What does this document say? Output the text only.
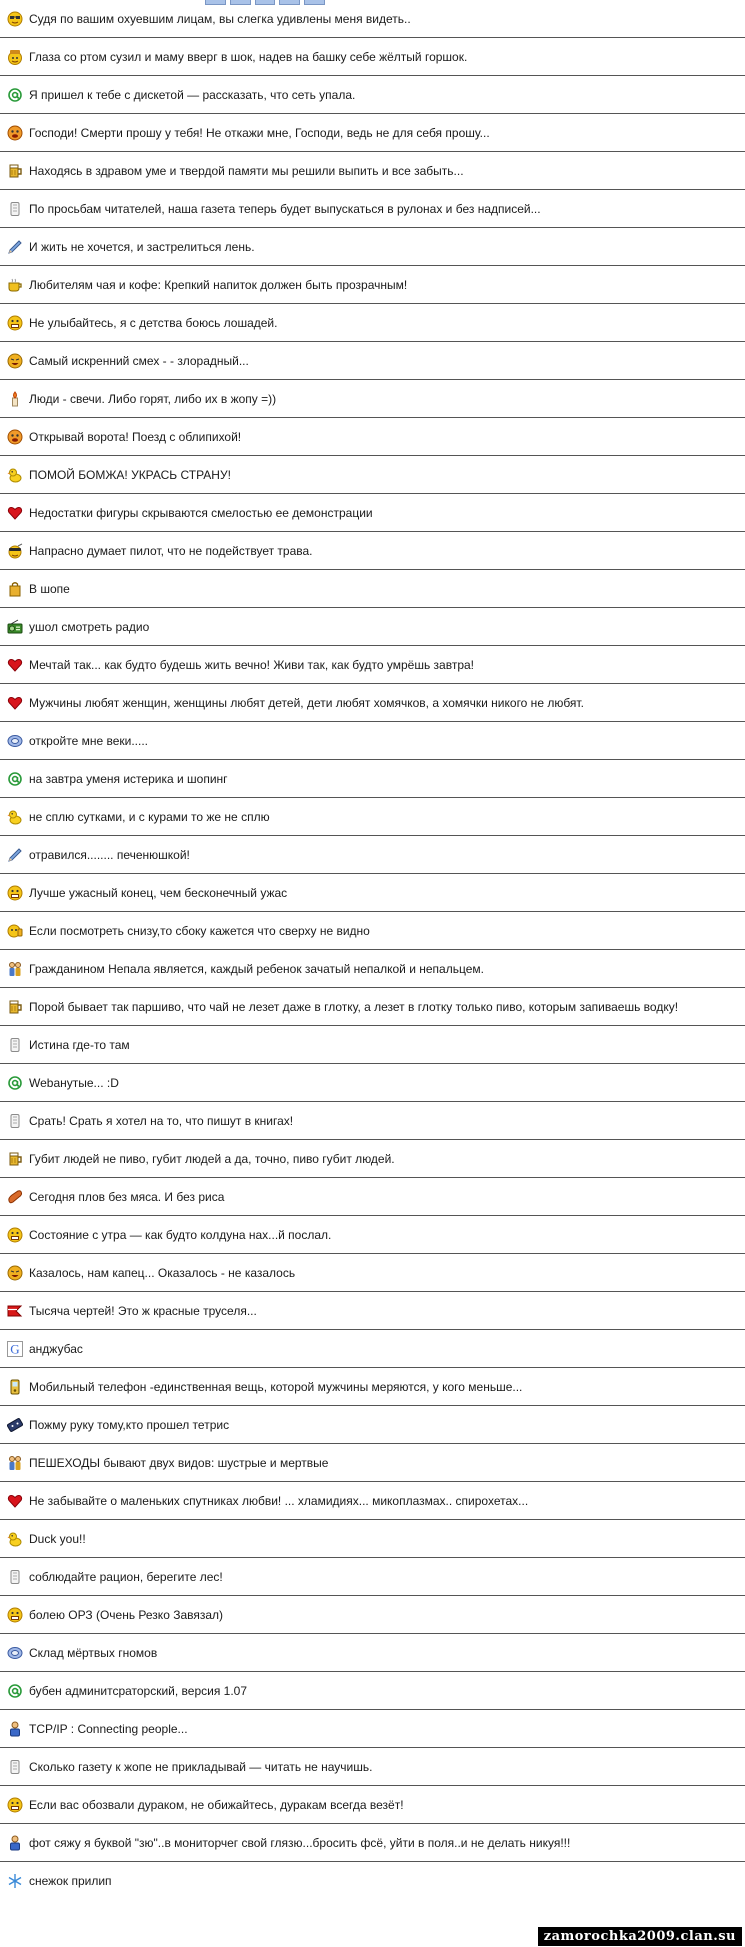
Судя по вашим охуевшим лицам, вы слегка удивлены меня видеть..
Глаза со ртом сузил и маму вверг в шок, надев на башку себе жёлтый горшок.
Я пришел к тебе с дискетой — рассказать, что сеть упала.
Господи! Смерти прошу у тебя! Не откажи мне, Господи, ведь не для себя прошу...
Находясь в здравом уме и твердой памяти мы решили выпить и все забыть...
По просьбам читателей, наша газета теперь будет выпускаться в рулонах и без надписей...
И жить не хочется, и застрелиться лень.
Любителям чая и кофе: Крепкий напиток должен быть прозрачным!
Не улыбайтесь, я с детства боюсь лошадей.
Самый искренний смех - - злорадный...
Люди - свечи. Либо горят, либо их в жопу =))
Открывай ворота! Поезд с облипихой!
ПОМОЙ БОМЖА! УКРАСЬ СТРАНУ!
Недостатки фигуры скрываются смелостью ее демонстрации
Напрасно думает пилот, что не подействует трава.
В шопе
ушол смотреть радио
Мечтай так... как будто будешь жить вечно! Живи так, как будто умрёшь завтра!
Мужчины любят женщин, женщины любят детей, дети любят хомячков, а хомячки никого не любят.
откройте мне веки.....
на завтра уменя истерика и шопинг
не сплю сутками, и с курами то же не сплю
отравился........ печенюшкой!
Лучше ужасный конец, чем бесконечный ужас
Если посмотреть снизу,то сбоку кажется что сверху не видно
Гражданином Непала является, каждый ребенок зачатый непалкой и непальцем.
Порой бывает так паршиво, что чай не лезет даже в глотку, а лезет в глотку только пиво, которым запиваешь водку!
Истина где-то там
Webанутые... :D
Срать! Срать я хотел на то, что пишут в книгах!
Губит людей не пиво, губит людей а да, точно, пиво губит людей.
Сегодня плов без мяса. И без риса
Состояние с утра — как будто колдуна нах...й послал.
Казалось, нам капец... Оказалось - не казалось
Тысяча чертей! Это ж красные труселя...
G анджубас
Мобильный телефон -единственная вещь, которой мужчины меряются, у кого меньше...
Пожму руку тому,кто прошел тетрис
ПЕШЕХОДЫ бывают двух видов: шустрые и мертвые
Не забывайте о маленьких спутниках любви! ... хламидиях... микоплазмах.. спирохетах...
Duck you!!
соблюдайте рацион, берегите лес!
болею ОРЗ (Очень Резко Завязал)
Склад мёртвых гномов
бубен админитсраторский, версия 1.07
TCP/IP : Connecting people...
Сколько газету к жопе не прикладывай — читать не научишь.
Если вас обозвали дураком, не обижайтесь, дуракам всегда везёт!
фот сяжу я буквой "зю"..в мониторчег свой глязю...бросить фсё, уйти в поля..и не делать никуя!!!
снежок прилип
zamorochka2009.clan.su
